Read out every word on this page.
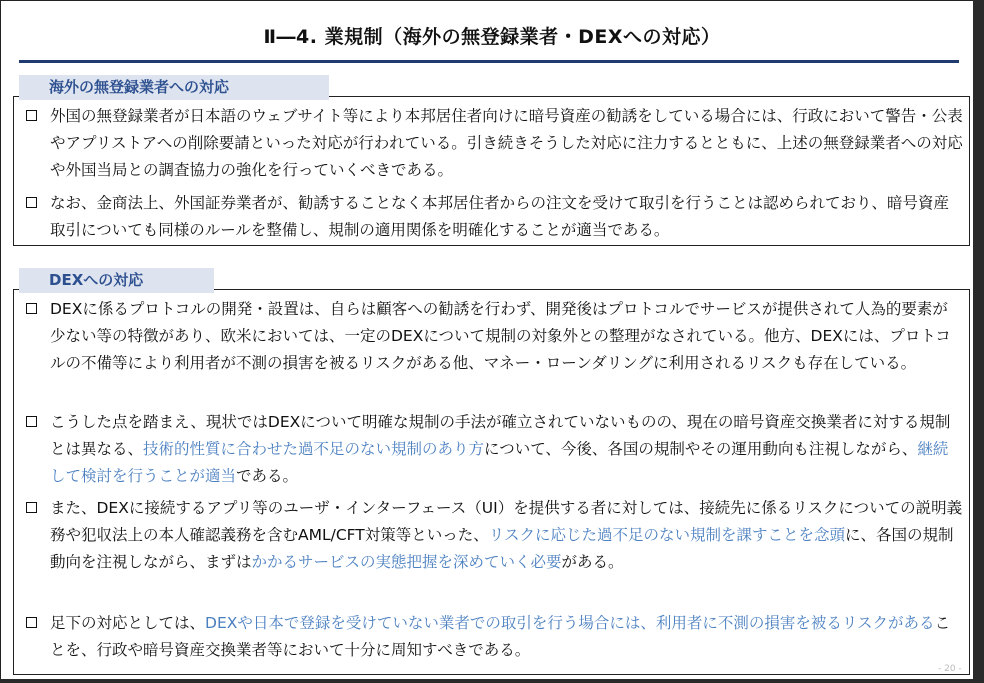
Ⅱ―4. 業規制（海外の無登録業者・DEXへの対応）
外国の無登録業者が日本語のウェブサイト等により本邦居住者向けに暗号資産の勧誘をしている場合には、行政において警告・公表やアプリストアへの削除要請といった対応が行われている。引き続きそうした対応に注力するとともに、上述の無登録業者への対応や外国当局との調査協力の強化を行っていくべきである。
なお、金商法上、外国証券業者が、勧誘することなく本邦居住者からの注文を受けて取引を行うことは認められており、暗号資産取引についても同様のルールを整備し、規制の適用関係を明確化することが適当である。
海外の無登録業者への対応
DEXに係るプロトコルの開発・設置は、自らは顧客への勧誘を行わず、開発後はプロトコルでサービスが提供されて人為的要素が少ない等の特徴があり、欧米においては、一定のDEXについて規制の対象外との整理がなされている。他方、DEXには、プロトコルの不備等により利用者が不測の損害を被るリスクがある他、マネー・ローンダリングに利用されるリスクも存在している。
こうした点を踏まえ、現状ではDEXについて明確な規制の手法が確立されていないものの、現在の暗号資産交換業者に対する規制とは異なる、技術的性質に合わせた過不足のない規制のあり方について、今後、各国の規制やその運用動向も注視しながら、継続して検討を行うことが適当である。
また、DEXに接続するアプリ等のユーザ・インターフェース（UI）を提供する者に対しては、接続先に係るリスクについての説明義務や犯収法上の本人確認義務を含むAML/CFT対策等といった、リスクに応じた過不足のない規制を課すことを念頭に、各国の規制動向を注視しながら、まずはかかるサービスの実態把握を深めていく必要がある。
足下の対応としては、DEXや日本で登録を受けていない業者での取引を行う場合には、利用者に不測の損害を被るリスクがあることを、行政や暗号資産交換業者等において十分に周知すべきである。
DEXへの対応
- 20 -
